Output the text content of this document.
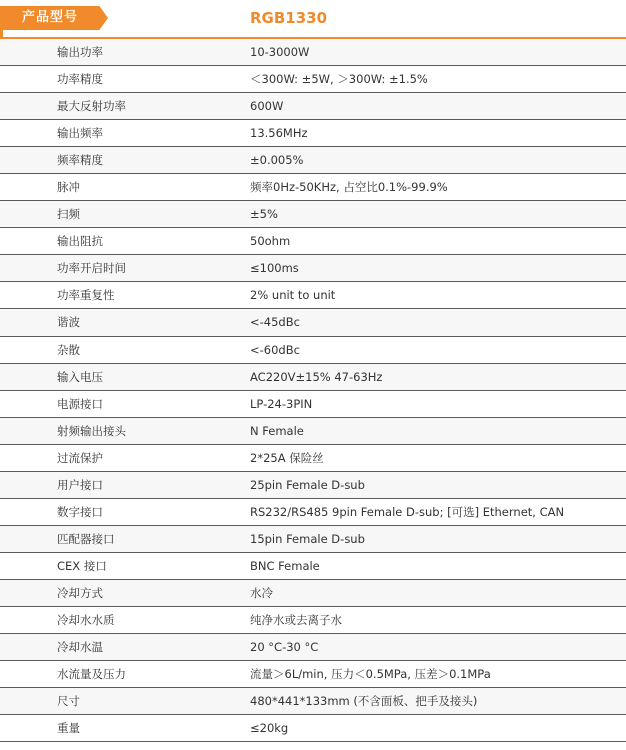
产品型号	RGB1330
输出功率	10-3000W
功率精度	＜300W: ±5W, ＞300W: ±1.5%
最大反射功率	600W
输出频率	13.56MHz
频率精度	±0.005%
脉冲	频率0Hz-50KHz, 占空比0.1%-99.9%
扫频	±5%
输出阻抗	50ohm
功率开启时间	≤100ms
功率重复性	2% unit to unit
谐波	<-45dBc
杂散	<-60dBc
输入电压	AC220V±15% 47-63Hz
电源接口	LP-24-3PIN
射频输出接头	N Female
过流保护	2*25A 保险丝
用户接口	25pin Female D-sub
数字接口	RS232/RS485 9pin Female D-sub; [可选] Ethernet, CAN
匹配器接口	15pin Female D-sub
CEX 接口	BNC Female
冷却方式	水冷
冷却水水质	纯净水或去离子水
冷却水温	20 °C-30 °C
水流量及压力	流量＞6L/min, 压力＜0.5MPa, 压差＞0.1MPa
尺寸	480*441*133mm (不含面板、把手及接头)
重量	≤20kg
